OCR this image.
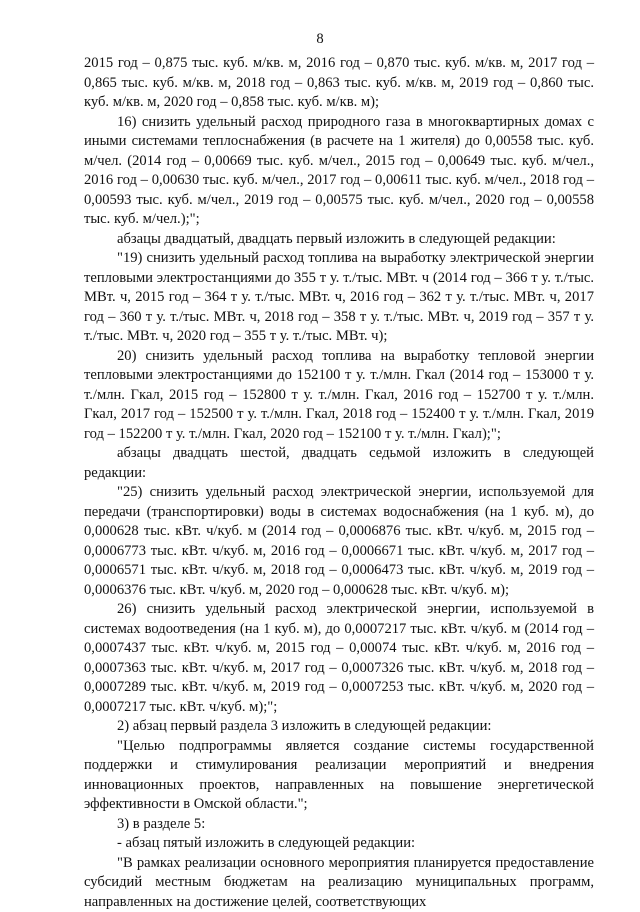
8

2015 год – 0,875 тыс. куб. м/кв. м, 2016 год – 0,870 тыс. куб. м/кв. м, 2017 год – 0,865 тыс. куб. м/кв. м, 2018 год – 0,863 тыс. куб. м/кв. м, 2019 год – 0,860 тыс. куб. м/кв. м, 2020 год – 0,858 тыс. куб. м/кв. м);

16) снизить удельный расход природного газа в многоквартирных домах с иными системами теплоснабжения (в расчете на 1 жителя) до 0,00558 тыс. куб. м/чел. (2014 год – 0,00669 тыс. куб. м/чел., 2015 год – 0,00649 тыс. куб. м/чел., 2016 год – 0,00630 тыс. куб. м/чел., 2017 год – 0,00611 тыс. куб. м/чел., 2018 год – 0,00593 тыс. куб. м/чел., 2019 год – 0,00575 тыс. куб. м/чел., 2020 год – 0,00558 тыс. куб. м/чел.);";

абзацы двадцатый, двадцать первый изложить в следующей редакции:

"19) снизить удельный расход топлива на выработку электрической энергии тепловыми электростанциями до 355 т у. т./тыс. МВт. ч (2014 год – 366 т у. т./тыс. МВт. ч, 2015 год – 364 т у. т./тыс. МВт. ч, 2016 год – 362 т у. т./тыс. МВт. ч, 2017 год – 360 т у. т./тыс. МВт. ч, 2018 год – 358 т у. т./тыс. МВт. ч, 2019 год – 357 т у. т./тыс. МВт. ч, 2020 год – 355 т у. т./тыс. МВт. ч);

20) снизить удельный расход топлива на выработку тепловой энергии тепловыми электростанциями до 152100 т у. т./млн. Гкал (2014 год – 153000 т у. т./млн. Гкал, 2015 год – 152800 т у. т./млн. Гкал, 2016 год – 152700 т у. т./млн. Гкал, 2017 год – 152500 т у. т./млн. Гкал, 2018 год – 152400 т у. т./млн. Гкал, 2019 год – 152200 т у. т./млн. Гкал, 2020 год – 152100 т у. т./млн. Гкал);";

абзацы двадцать шестой, двадцать седьмой изложить в следующей редакции:

"25) снизить удельный расход электрической энергии, используемой для передачи (транспортировки) воды в системах водоснабжения (на 1 куб. м), до 0,000628 тыс. кВт. ч/куб. м (2014 год – 0,0006876 тыс. кВт. ч/куб. м, 2015 год – 0,0006773 тыс. кВт. ч/куб. м, 2016 год – 0,0006671 тыс. кВт. ч/куб. м, 2017 год – 0,0006571 тыс. кВт. ч/куб. м, 2018 год – 0,0006473 тыс. кВт. ч/куб. м, 2019 год – 0,0006376 тыс. кВт. ч/куб. м, 2020 год – 0,000628 тыс. кВт. ч/куб. м);

26) снизить удельный расход электрической энергии, используемой в системах водоотведения (на 1 куб. м), до 0,0007217 тыс. кВт. ч/куб. м (2014 год – 0,0007437 тыс. кВт. ч/куб. м, 2015 год – 0,00074 тыс. кВт. ч/куб. м, 2016 год – 0,0007363 тыс. кВт. ч/куб. м, 2017 год – 0,0007326 тыс. кВт. ч/куб. м, 2018 год – 0,0007289 тыс. кВт. ч/куб. м, 2019 год – 0,0007253 тыс. кВт. ч/куб. м, 2020 год – 0,0007217 тыс. кВт. ч/куб. м);";

2) абзац первый раздела 3 изложить в следующей редакции:

"Целью подпрограммы является создание системы государственной поддержки и стимулирования реализации мероприятий и внедрения инновационных проектов, направленных на повышение энергетической эффективности в Омской области.";

3) в разделе 5:

- абзац пятый изложить в следующей редакции:

"В рамках реализации основного мероприятия планируется предоставление субсидий местным бюджетам на реализацию муниципальных программ, направленных на достижение целей, соответствующих
